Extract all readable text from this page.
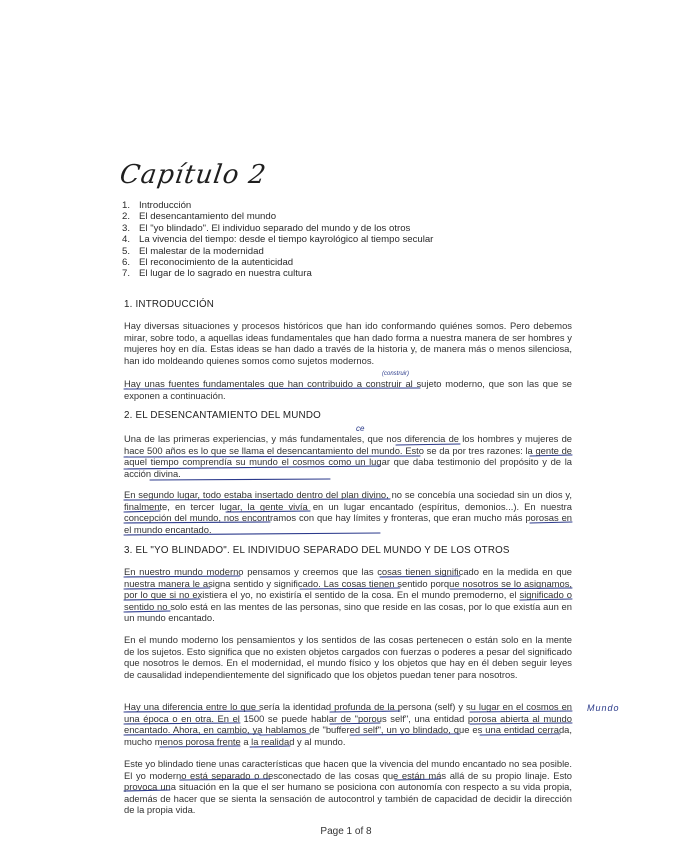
Capítulo 2
1. Introducción
2. El desencantamiento del mundo
3. El "yo blindado". El individuo separado del mundo y de los otros
4. La vivencia del tiempo: desde el tiempo kayrológico al tiempo secular
5. El malestar de la modernidad
6. El reconocimiento de la autenticidad
7. El lugar de lo sagrado en nuestra cultura
1. INTRODUCCIÓN

Hay diversas situaciones y procesos históricos que han ido conformando quiénes somos. Pero debemos mirar, sobre todo, a aquellas ideas fundamentales que han dado forma a nuestra manera de ser hombres y mujeres hoy en día. Estas ideas se han dado a través de la historia y, de manera más o menos silenciosa, han ido moldeando quienes somos como sujetos modernos.

Hay unas fuentes fundamentales que han contribuido a construir al sujeto moderno, que son las que se exponen a continuación.

2. EL DESENCANTAMIENTO DEL MUNDO

Una de las primeras experiencias, y más fundamentales, que nos diferencia de los hombres y mujeres de hace 500 años es lo que se llama el desencantamiento del mundo. Esto se da por tres razones: la gente de aquel tiempo comprendía su mundo el cosmos como un lugar que daba testimonio del propósito y de la acción divina.

En segundo lugar, todo estaba insertado dentro del plan divino, no se concebía una sociedad sin un dios y, finalmente, en tercer lugar, la gente vivía en un lugar encantado (espíritus, demonios...). En nuestra concepción del mundo, nos encontramos con que hay límites y fronteras, que eran mucho más porosas en el mundo encantado.

3. EL "YO BLINDADO". EL INDIVIDUO SEPARADO DEL MUNDO Y DE LOS OTROS

En nuestro mundo moderno pensamos y creemos que las cosas tienen significado en la medida en que nuestra manera le asigna sentido y significado. Las cosas tienen sentido porque nosotros se lo asignamos, por lo que si no existiera el yo, no existiría el sentido de la cosa. En el mundo premoderno, el significado o sentido no solo está en las mentes de las personas, sino que reside en las cosas, por lo que existía aun en un mundo encantado.

En el mundo moderno los pensamientos y los sentidos de las cosas pertenecen o están solo en la mente de los sujetos. Esto significa que no existen objetos cargados con fuerzas o poderes a pesar del significado que nosotros le demos. En el modernidad, el mundo físico y los objetos que hay en él deben seguir leyes de causalidad independientemente del significado que los objetos puedan tener para nosotros.

Hay una diferencia entre lo que sería la identidad profunda de la persona (self) y su lugar en el cosmos en una época o en otra. En el 1500 se puede hablar de "porous self", una entidad porosa abierta al mundo encantado. Ahora, en cambio, ya hablamos de "buffered self", un yo blindado, que es una entidad cerrada, mucho menos porosa frente a la realidad y al mundo.

Este yo blindado tiene unas características que hacen que la vivencia del mundo encantado no sea posible. El yo moderno está separado o desconectado de las cosas que están más allá de su propio linaje. Esto provoca una situación en la que el ser humano se posiciona con autonomía con respecto a su vida propia, además de hacer que se sienta la sensación de autocontrol y también de capacidad de decidir la dirección de la propia vida.

(construir)
ce
Mundo
Page 1 of 8
